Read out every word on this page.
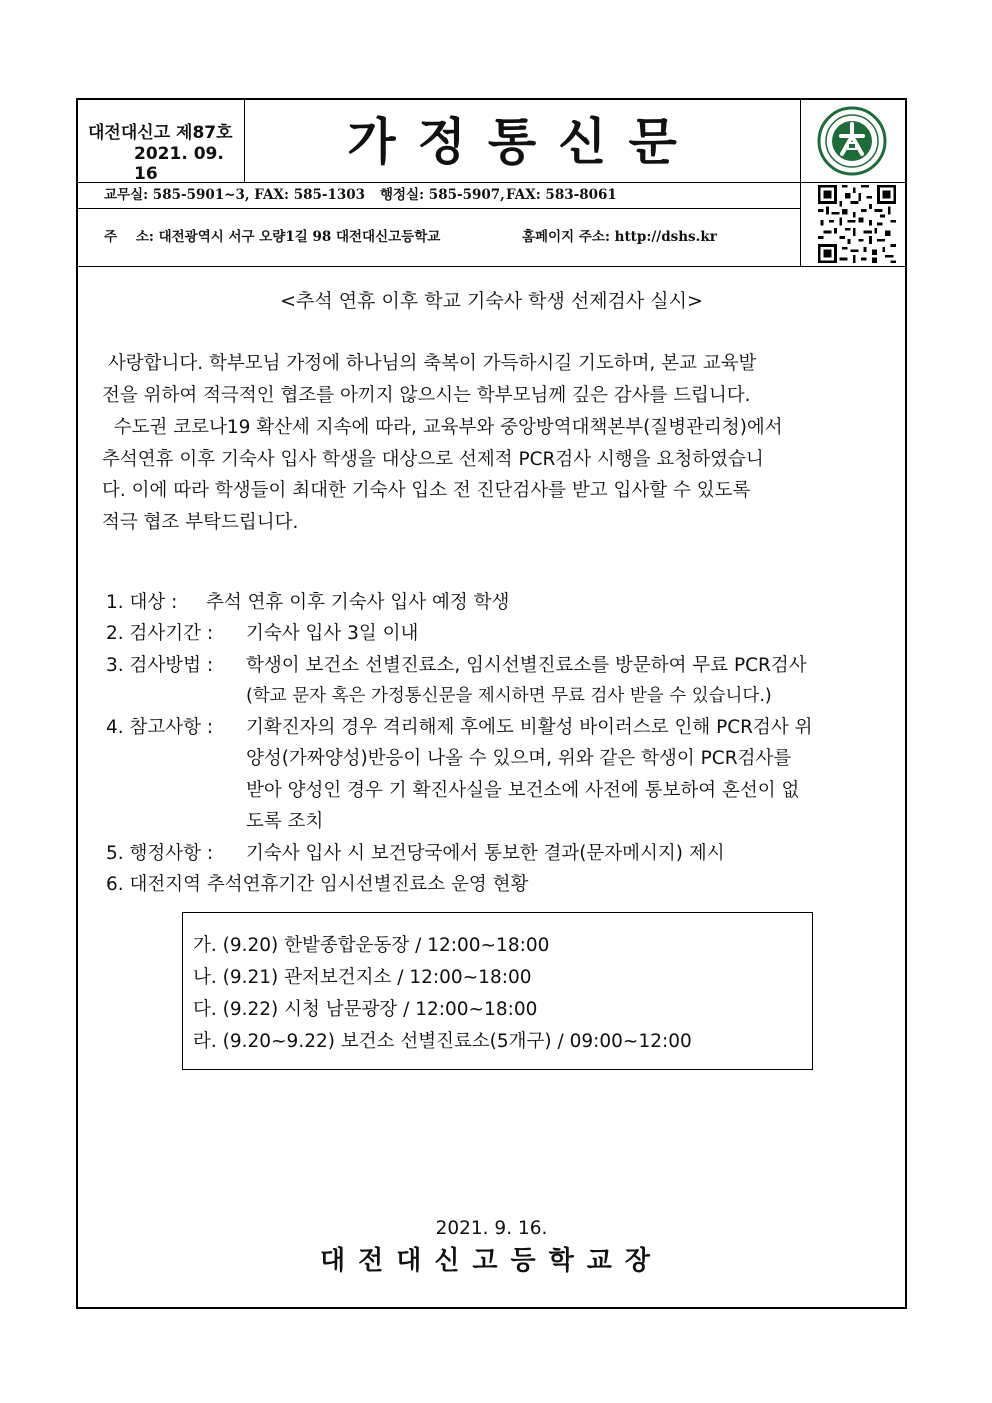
대전대신고 제87호
2021. 09. 16
가정통신문
교무실: 585-5901~3, FAX: 585-1303 행정실: 585-5907, FAX: 583-8061
주    소: 대전광역시 서구 오량1길 98 대전대신고등학교	홈페이지 주소: http://dshs.kr
<추석 연휴 이후 학교 기숙사 학생 선제검사 실시>
사랑합니다. 학부모님 가정에 하나님의 축복이 가득하시길 기도하며, 본교 교육발
전을 위하여 적극적인 협조를 아끼지 않으시는 학부모님께 깊은 감사를 드립니다.
수도권 코로나19 확산세 지속에 따라, 교육부와 중앙방역대책본부(질병관리청)에서
추석연휴 이후 기숙사 입사 학생을 대상으로 선제적 PCR검사 시행을 요청하였습니
다. 이에 따라 학생들이 최대한 기숙사 입소 전 진단검사를 받고 입사할 수 있도록
적극 협조 부탁드립니다.
1. 대상 : 추석 연휴 이후 기숙사 입사 예정 학생
2. 검사기간 : 기숙사 입사 3일 이내
3. 검사방법 : 학생이 보건소 선별진료소, 임시선별진료소를 방문하여 무료 PCR검사
(학교 문자 혹은 가정통신문을 제시하면 무료 검사 받을 수 있습니다.)
4. 참고사항 : 기확진자의 경우 격리해제 후에도 비활성 바이러스로 인해 PCR검사 위
양성(가짜양성)반응이 나올 수 있으며, 위와 같은 학생이 PCR검사를
받아 양성인 경우 기 확진사실을 보건소에 사전에 통보하여 혼선이 없
도록 조치
5. 행정사항 : 기숙사 입사 시 보건당국에서 통보한 결과(문자메시지) 제시
6. 대전지역 추석연휴기간 임시선별진료소 운영 현황
가. (9.20) 한밭종합운동장 / 12:00~18:00
나. (9.21) 관저보건지소 / 12:00~18:00
다. (9.22) 시청 남문광장 / 12:00~18:00
라. (9.20~9.22) 보건소 선별진료소(5개구) / 09:00~12:00
2021. 9. 16.
대전대신고등학교장
